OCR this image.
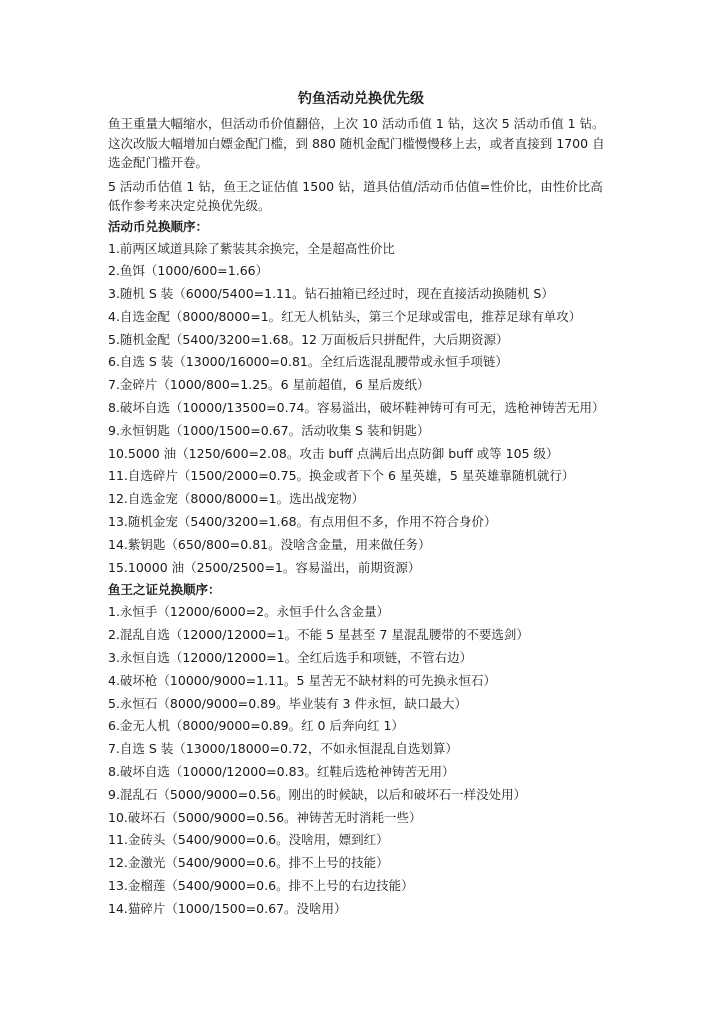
钓鱼活动兑换优先级

鱼王重量大幅缩水，但活动币价值翻倍，上次 10 活动币值 1 钻，这次 5 活动币值 1 钻。这次改版大幅增加白嫖金配门槛，到 880 随机金配门槛慢慢移上去，或者直接到 1700 自选金配门槛开卷。

5 活动币估值 1 钻，鱼王之证估值 1500 钻，道具估值/活动币估值=性价比，由性价比高低作参考来决定兑换优先级。

活动币兑换顺序：

1.前两区域道具除了紫装其余换完，全是超高性价比

2.鱼饵（1000/600=1.66）

3.随机 S 装（6000/5400=1.11。钻石抽箱已经过时，现在直接活动换随机 S）

4.自选金配（8000/8000=1。红无人机钻头，第三个足球或雷电，推荐足球有单攻）

5.随机金配（5400/3200=1.68。12 万面板后只拼配件，大后期资源）

6.自选 S 装（13000/16000=0.81。全红后选混乱腰带或永恒手项链）

7.金碎片（1000/800=1.25。6 星前超值，6 星后废纸）

8.破坏自选（10000/13500=0.74。容易溢出，破坏鞋神铸可有可无，选枪神铸苦无用）

9.永恒钥匙（1000/1500=0.67。活动收集 S 装和钥匙）

10.5000 油（1250/600=2.08。攻击 buff 点满后出点防御 buff 或等 105 级）

11.自选碎片（1500/2000=0.75。换金或者下个 6 星英雄，5 星英雄靠随机就行）

12.自选金宠（8000/8000=1。选出战宠物）

13.随机金宠（5400/3200=1.68。有点用但不多，作用不符合身价）

14.紫钥匙（650/800=0.81。没啥含金量，用来做任务）

15.10000 油（2500/2500=1。容易溢出，前期资源）

鱼王之证兑换顺序：

1.永恒手（12000/6000=2。永恒手什么含金量）

2.混乱自选（12000/12000=1。不能 5 星甚至 7 星混乱腰带的不要选剑）

3.永恒自选（12000/12000=1。全红后选手和项链，不管右边）

4.破坏枪（10000/9000=1.11。5 星苦无不缺材料的可先换永恒石）

5.永恒石（8000/9000=0.89。毕业装有 3 件永恒，缺口最大）

6.金无人机（8000/9000=0.89。红 0 后奔向红 1）

7.自选 S 装（13000/18000=0.72，不如永恒混乱自选划算）

8.破坏自选（10000/12000=0.83。红鞋后选枪神铸苦无用）

9.混乱石（5000/9000=0.56。刚出的时候缺，以后和破坏石一样没处用）

10.破坏石（5000/9000=0.56。神铸苦无时消耗一些）

11.金砖头（5400/9000=0.6。没啥用，嫖到红）

12.金激光（5400/9000=0.6。排不上号的技能）

13.金榴莲（5400/9000=0.6。排不上号的右边技能）

14.猫碎片（1000/1500=0.67。没啥用）
